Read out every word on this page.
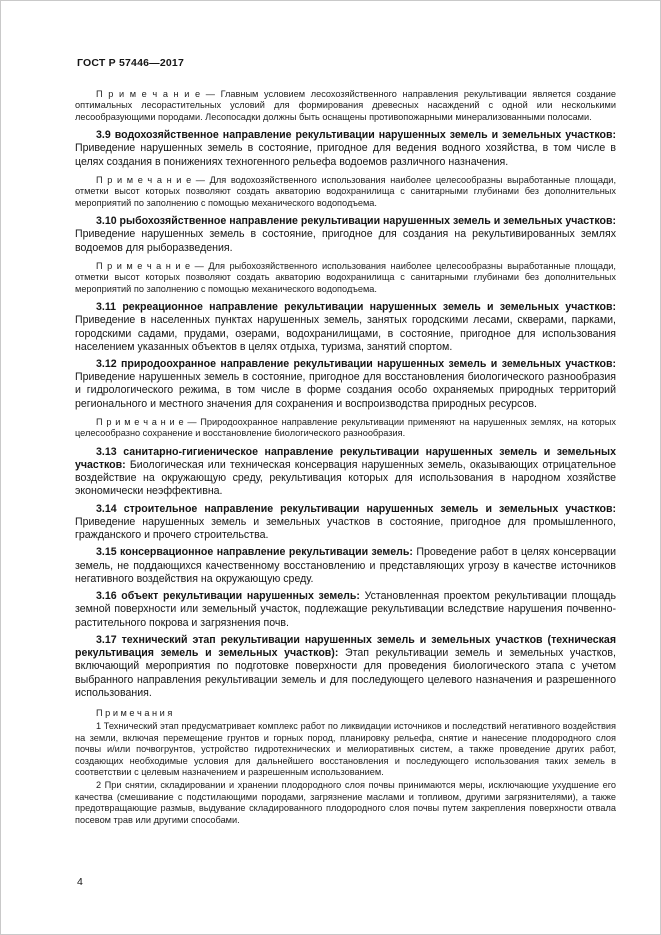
ГОСТ Р 57446—2017

П р и м е ч а н и е — Главным условием лесохозяйственного направления рекультивации является создание оптимальных лесорастительных условий для формирования древесных насаждений с одной или несколькими лесообразующими породами. Лесопосадки должны быть оснащены противопожарными минерализованными полосами.

3.9 водохозяйственное направление рекультивации нарушенных земель и земельных участков: Приведение нарушенных земель в состояние, пригодное для ведения водного хозяйства, в том числе в целях создания в понижениях техногенного рельефа водоемов различного назначения.

П р и м е ч а н и е — Для водохозяйственного использования наиболее целесообразны выработанные площади, отметки высот которых позволяют создать акваторию водохранилища с санитарными глубинами без дополнительных мероприятий по заполнению с помощью механического водоподъема.

3.10 рыбохозяйственное направление рекультивации нарушенных земель и земельных участков: Приведение нарушенных земель в состояние, пригодное для создания на рекультивированных землях водоемов для рыборазведения.

П р и м е ч а н и е — Для рыбохозяйственного использования наиболее целесообразны выработанные площади, отметки высот которых позволяют создать акваторию водохранилища с санитарными глубинами без дополнительных мероприятий по заполнению с помощью механического водоподъема.

3.11 рекреационное направление рекультивации нарушенных земель и земельных участков: Приведение в населенных пунктах нарушенных земель, занятых городскими лесами, скверами, парками, городскими садами, прудами, озерами, водохранилищами, в состояние, пригодное для использования населением указанных объектов в целях отдыха, туризма, занятий спортом.

3.12 природоохранное направление рекультивации нарушенных земель и земельных участков: Приведение нарушенных земель в состояние, пригодное для восстановления биологического разнообразия и гидрологического режима, в том числе в форме создания особо охраняемых природных территорий регионального и местного значения для сохранения и воспроизводства природных ресурсов.

П р и м е ч а н и е — Природоохранное направление рекультивации применяют на нарушенных землях, на которых целесообразно сохранение и восстановление биологического разнообразия.

3.13 санитарно-гигиеническое направление рекультивации нарушенных земель и земельных участков: Биологическая или техническая консервация нарушенных земель, оказывающих отрицательное воздействие на окружающую среду, рекультивация которых для использования в народном хозяйстве экономически неэффективна.

3.14 строительное направление рекультивации нарушенных земель и земельных участков: Приведение нарушенных земель и земельных участков в состояние, пригодное для промышленного, гражданского и прочего строительства.

3.15 консервационное направление рекультивации земель: Проведение работ в целях консервации земель, не поддающихся качественному восстановлению и представляющих угрозу в качестве источников негативного воздействия на окружающую среду.

3.16 объект рекультивации нарушенных земель: Установленная проектом рекультивации площадь земной поверхности или земельный участок, подлежащие рекультивации вследствие нарушения почвенно-растительного покрова и загрязнения почв.

3.17 технический этап рекультивации нарушенных земель и земельных участков (техническая рекультивация земель и земельных участков): Этап рекультивации земель и земельных участков, включающий мероприятия по подготовке поверхности для проведения биологического этапа с учетом выбранного направления рекультивации земель и для последующего целевого назначения и разрешенного использования.

П р и м е ч а н и я

1 Технический этап предусматривает комплекс работ по ликвидации источников и последствий негативного воздействия на земли, включая перемещение грунтов и горных пород, планировку рельефа, снятие и нанесение плодородного слоя почвы и/или почвогрунтов, устройство гидротехнических и мелиоративных систем, а также проведение других работ, создающих необходимые условия для дальнейшего восстановления и последующего использования таких земель в соответствии с целевым назначением и разрешенным использованием.

2 При снятии, складировании и хранении плодородного слоя почвы принимаются меры, исключающие ухудшение его качества (смешивание с подстилающими породами, загрязнение маслами и топливом, другими загрязнителями), а также предотвращающие размыв, выдувание складированного плодородного слоя почвы путем закрепления поверхности отвала посевом трав или другими способами.

4
